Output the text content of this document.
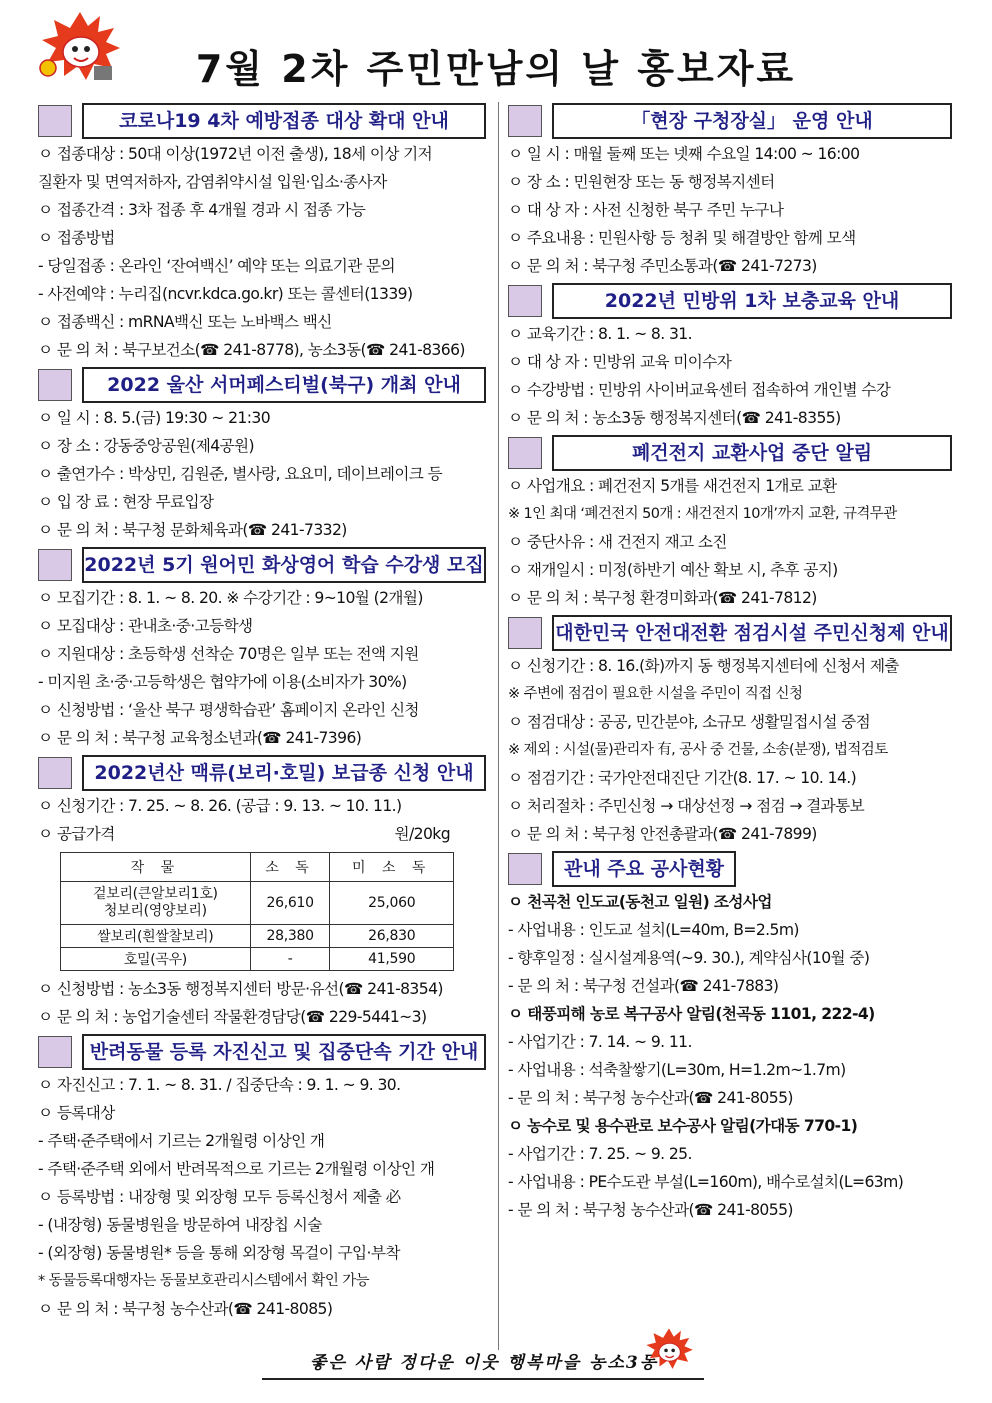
7월 2차 주민만남의 날 홍보자료
코로나19 4차 예방접종 대상 확대 안내
ㅇ 접종대상 : 50대 이상(1972년 이전 출생), 18세 이상 기저
질환자 및 면역저하자, 감염취약시설 입원·입소·종사자
ㅇ 접종간격 : 3차 접종 후 4개월 경과 시 접종 가능
ㅇ 접종방법
- 당일접종 : 온라인 ‘잔여백신’ 예약 또는 의료기관 문의
- 사전예약 : 누리집(ncvr.kdca.go.kr) 또는 콜센터(1339)
ㅇ 접종백신 : mRNA백신 또는 노바백스 백신
ㅇ 문 의 처 : 북구보건소(☎ 241-8778), 농소3동(☎ 241-8366)
2022 울산 서머페스티벌(북구) 개최 안내
ㅇ 일 시 : 8. 5.(금) 19:30 ~ 21:30
ㅇ 장 소 : 강동중앙공원(제4공원)
ㅇ 출연가수 : 박상민, 김원준, 별사랑, 요요미, 데이브레이크 등
ㅇ 입 장 료 : 현장 무료입장
ㅇ 문 의 처 : 북구청 문화체육과(☎ 241-7332)
2022년 5기 원어민 화상영어 학습 수강생 모집
ㅇ 모집기간 : 8. 1. ~ 8. 20. ※ 수강기간 : 9~10월 (2개월)
ㅇ 모집대상 : 관내초·중·고등학생
ㅇ 지원대상 : 초등학생 선착순 70명은 일부 또는 전액 지원
- 미지원 초·중·고등학생은 협약가에 이용(소비자가 30%)
ㅇ 신청방법 : ‘울산 북구 평생학습관’ 홈페이지 온라인 신청
ㅇ 문 의 처 : 북구청 교육청소년과(☎ 241-7396)
2022년산 맥류(보리·호밀) 보급종 신청 안내
ㅇ 신청기간 : 7. 25. ~ 8. 26. (공급 : 9. 13. ~ 10. 11.)
ㅇ 공급가격	원/20kg
작 물	소 독	미 소 독
겉보리(큰알보리1호)
청보리(영양보리)	26,610	25,060
쌀보리(흰쌀찰보리)	28,380	26,830
호밀(곡우)	-	41,590
ㅇ 신청방법 : 농소3동 행정복지센터 방문·유선(☎ 241-8354)
ㅇ 문 의 처 : 농업기술센터 작물환경담당(☎ 229-5441~3)
반려동물 등록 자진신고 및 집중단속 기간 안내
ㅇ 자진신고 : 7. 1. ~ 8. 31. / 집중단속 : 9. 1. ~ 9. 30.
ㅇ 등록대상
- 주택·준주택에서 기르는 2개월령 이상인 개
- 주택·준주택 외에서 반려목적으로 기르는 2개월령 이상인 개
ㅇ 등록방법 : 내장형 및 외장형 모두 등록신청서 제출 必
- (내장형) 동물병원을 방문하여 내장칩 시술
- (외장형) 동물병원* 등을 통해 외장형 목걸이 구입·부착
* 동물등록대행자는 동물보호관리시스템에서 확인 가능
ㅇ 문 의 처 : 북구청 농수산과(☎ 241-8085)
「현장 구청장실」 운영 안내
ㅇ 일 시 : 매월 둘째 또는 넷째 수요일 14:00 ~ 16:00
ㅇ 장 소 : 민원현장 또는 동 행정복지센터
ㅇ 대 상 자 : 사전 신청한 북구 주민 누구나
ㅇ 주요내용 : 민원사항 등 청취 및 해결방안 함께 모색
ㅇ 문 의 처 : 북구청 주민소통과(☎ 241-7273)
2022년 민방위 1차 보충교육 안내
ㅇ 교육기간 : 8. 1. ~ 8. 31.
ㅇ 대 상 자 : 민방위 교육 미이수자
ㅇ 수강방법 : 민방위 사이버교육센터 접속하여 개인별 수강
ㅇ 문 의 처 : 농소3동 행정복지센터(☎ 241-8355)
폐건전지 교환사업 중단 알림
ㅇ 사업개요 : 폐건전지 5개를 새건전지 1개로 교환
※ 1인 최대 ‘폐건전지 50개 : 새건전지 10개’까지 교환, 규격무관
ㅇ 중단사유 : 새 건전지 재고 소진
ㅇ 재개일시 : 미정(하반기 예산 확보 시, 추후 공지)
ㅇ 문 의 처 : 북구청 환경미화과(☎ 241-7812)
대한민국 안전대전환 점검시설 주민신청제 안내
ㅇ 신청기간 : 8. 16.(화)까지 동 행정복지센터에 신청서 제출
※ 주변에 점검이 필요한 시설을 주민이 직접 신청
ㅇ 점검대상 : 공공, 민간분야, 소규모 생활밀접시설 중점
※ 제외 : 시설(물)관리자 有, 공사 중 건물, 소송(분쟁), 법적검토
ㅇ 점검기간 : 국가안전대진단 기간(8. 17. ~ 10. 14.)
ㅇ 처리절차 : 주민신청 → 대상선정 → 점검 → 결과통보
ㅇ 문 의 처 : 북구청 안전총괄과(☎ 241-7899)
관내 주요 공사현황
ㅇ 천곡천 인도교(동천고 일원) 조성사업
- 사업내용 : 인도교 설치(L=40m, B=2.5m)
- 향후일정 : 실시설계용역(~9. 30.), 계약심사(10월 중)
- 문 의 처 : 북구청 건설과(☎ 241-7883)
ㅇ 태풍피해 농로 복구공사 알림(천곡동 1101, 222-4)
- 사업기간 : 7. 14. ~ 9. 11.
- 사업내용 : 석축찰쌓기(L=30m, H=1.2m~1.7m)
- 문 의 처 : 북구청 농수산과(☎ 241-8055)
ㅇ 농수로 및 용수관로 보수공사 알림(가대동 770-1)
- 사업기간 : 7. 25. ~ 9. 25.
- 사업내용 : PE수도관 부설(L=160m), 배수로설치(L=63m)
- 문 의 처 : 북구청 농수산과(☎ 241-8055)
좋은 사람 정다운 이웃 행복마을 농소3동
